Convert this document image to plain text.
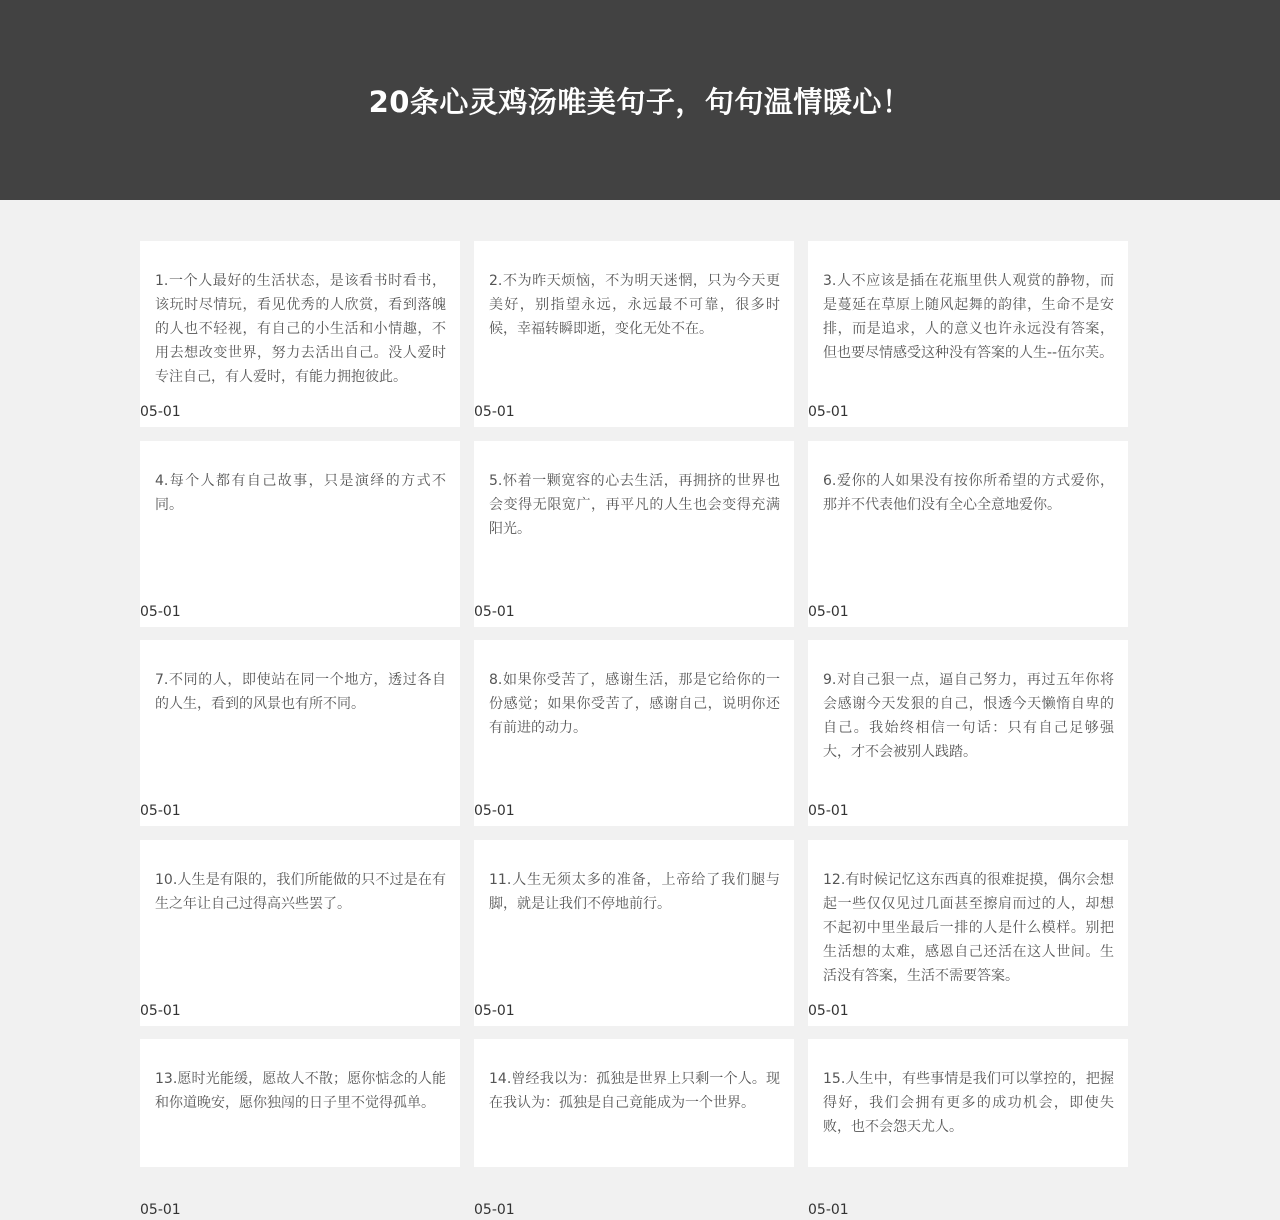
20条心灵鸡汤唯美句子，句句温情暖心！

1.一个人最好的生活状态，是该看书时看书，该玩时尽情玩，看见优秀的人欣赏，看到落魄的人也不轻视，有自己的小生活和小情趣，不用去想改变世界，努力去活出自己。没人爱时专注自己，有人爱时，有能力拥抱彼此。

05-01

2.不为昨天烦恼，不为明天迷惘，只为今天更美好，别指望永远，永远最不可靠，很多时候，幸福转瞬即逝，变化无处不在。

05-01

3.人不应该是插在花瓶里供人观赏的静物，而是蔓延在草原上随风起舞的韵律，生命不是安排，而是追求，人的意义也许永远没有答案，但也要尽情感受这种没有答案的人生--伍尔芙。

05-01

4.每个人都有自己故事，只是演绎的方式不同。

05-01

5.怀着一颗宽容的心去生活，再拥挤的世界也会变得无限宽广，再平凡的人生也会变得充满阳光。

05-01

6.爱你的人如果没有按你所希望的方式爱你，那并不代表他们没有全心全意地爱你。

05-01

7.不同的人，即使站在同一个地方，透过各自的人生，看到的风景也有所不同。

05-01

8.如果你受苦了，感谢生活，那是它给你的一份感觉；如果你受苦了，感谢自己，说明你还有前进的动力。

05-01

9.对自己狠一点，逼自己努力，再过五年你将会感谢今天发狠的自己，恨透今天懒惰自卑的自己。我始终相信一句话：只有自己足够强大，才不会被别人践踏。

05-01

10.人生是有限的，我们所能做的只不过是在有生之年让自己过得高兴些罢了。

05-01

11.人生无须太多的准备，上帝给了我们腿与脚，就是让我们不停地前行。

05-01

12.有时候记忆这东西真的很难捉摸，偶尔会想起一些仅仅见过几面甚至擦肩而过的人，却想不起初中里坐最后一排的人是什么模样。别把生活想的太难，感恩自己还活在这人世间。生活没有答案，生活不需要答案。

05-01

13.愿时光能缓，愿故人不散；愿你惦念的人能和你道晚安，愿你独闯的日子里不觉得孤单。

05-01

14.曾经我以为：孤独是世界上只剩一个人。现在我认为：孤独是自己竟能成为一个世界。

05-01

15.人生中，有些事情是我们可以掌控的，把握得好，我们会拥有更多的成功机会，即使失败，也不会怨天尤人。

05-01
